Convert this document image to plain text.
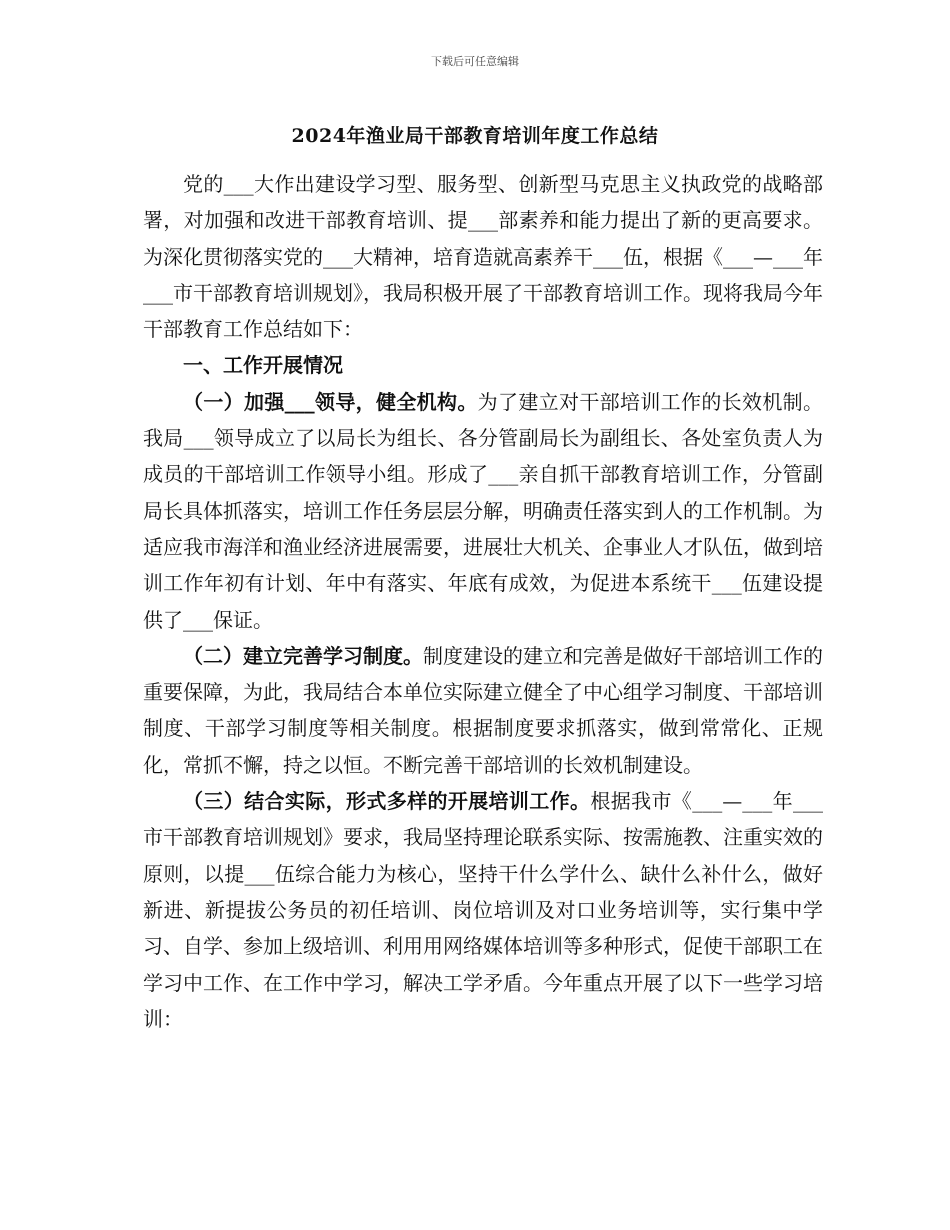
下载后可任意编辑
2024年渔业局干部教育培训年度工作总结

党的___大作出建设学习型、服务型、创新型马克思主义执政党的战略部署，对加强和改进干部教育培训、提___部素养和能力提出了新的更高要求。为深化贯彻落实党的___大精神，培育造就高素养干___伍，根据《___—___年___市干部教育培训规划》，我局积极开展了干部教育培训工作。现将我局今年干部教育工作总结如下：

一、工作开展情况

（一）加强___领导，健全机构。为了建立对干部培训工作的长效机制。我局___领导成立了以局长为组长、各分管副局长为副组长、各处室负责人为成员的干部培训工作领导小组。形成了___亲自抓干部教育培训工作，分管副局长具体抓落实，培训工作任务层层分解，明确责任落实到人的工作机制。为适应我市海洋和渔业经济进展需要，进展壮大机关、企事业人才队伍，做到培训工作年初有计划、年中有落实、年底有成效，为促进本系统干___伍建设提供了___保证。

（二）建立完善学习制度。制度建设的建立和完善是做好干部培训工作的重要保障，为此，我局结合本单位实际建立健全了中心组学习制度、干部培训制度、干部学习制度等相关制度。根据制度要求抓落实，做到常常化、正规化，常抓不懈，持之以恒。不断完善干部培训的长效机制建设。

（三）结合实际，形式多样的开展培训工作。根据我市《___—___年___市干部教育培训规划》要求，我局坚持理论联系实际、按需施教、注重实效的原则，以提___伍综合能力为核心，坚持干什么学什么、缺什么补什么，做好新进、新提拔公务员的初任培训、岗位培训及对口业务培训等，实行集中学习、自学、参加上级培训、利用用网络媒体培训等多种形式，促使干部职工在学习中工作、在工作中学习，解决工学矛盾。今年重点开展了以下一些学习培训：
